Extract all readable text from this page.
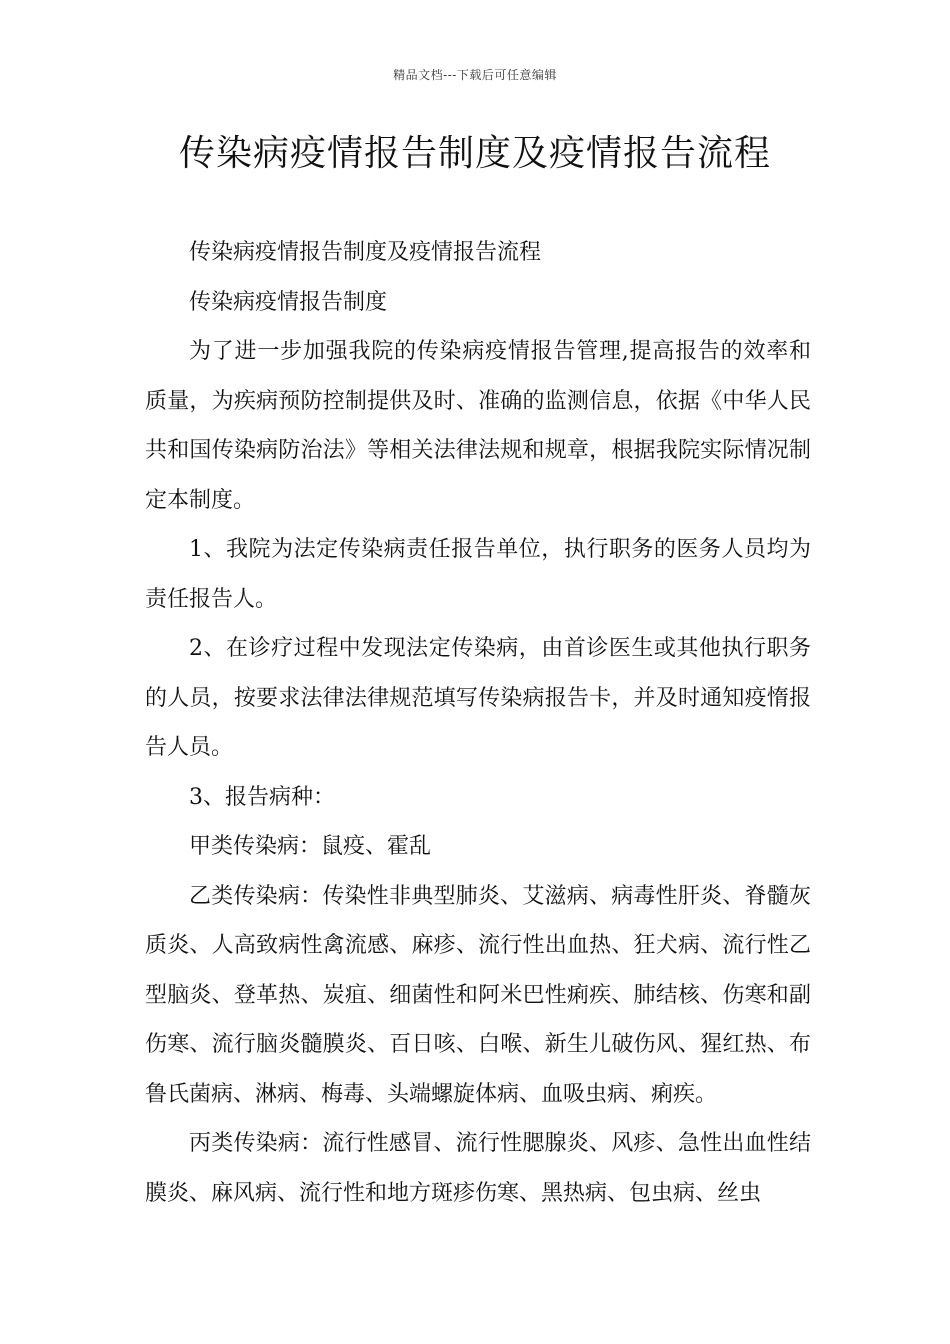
精品文档---下载后可任意编辑
传染病疫情报告制度及疫情报告流程

传染病疫情报告制度及疫情报告流程

传染病疫情报告制度

为了进一步加强我院的传染病疫情报告管理,提高报告的效率和质量，为疾病预防控制提供及时、准确的监测信息，依据《中华人民共和国传染病防治法》等相关法律法规和规章，根据我院实际情况制定本制度。

1、我院为法定传染病责任报告单位，执行职务的医务人员均为责任报告人。

2、在诊疗过程中发现法定传染病，由首诊医生或其他执行职务的人员，按要求法律法律规范填写传染病报告卡，并及时通知疫惰报告人员。

3、报告病种：

甲类传染病：鼠疫、霍乱

乙类传染病：传染性非典型肺炎、艾滋病、病毒性肝炎、脊髓灰质炎、人高致病性禽流感、麻疹、流行性出血热、狂犬病、流行性乙型脑炎、登革热、炭疽、细菌性和阿米巴性痢疾、肺结核、伤寒和副伤寒、流行脑炎髓膜炎、百日咳、白喉、新生儿破伤风、猩红热、布鲁氏菌病、淋病、梅毒、头端螺旋体病、血吸虫病、痢疾。

丙类传染病：流行性感冒、流行性腮腺炎、风疹、急性出血性结膜炎、麻风病、流行性和地方斑疹伤寒、黑热病、包虫病、丝虫
